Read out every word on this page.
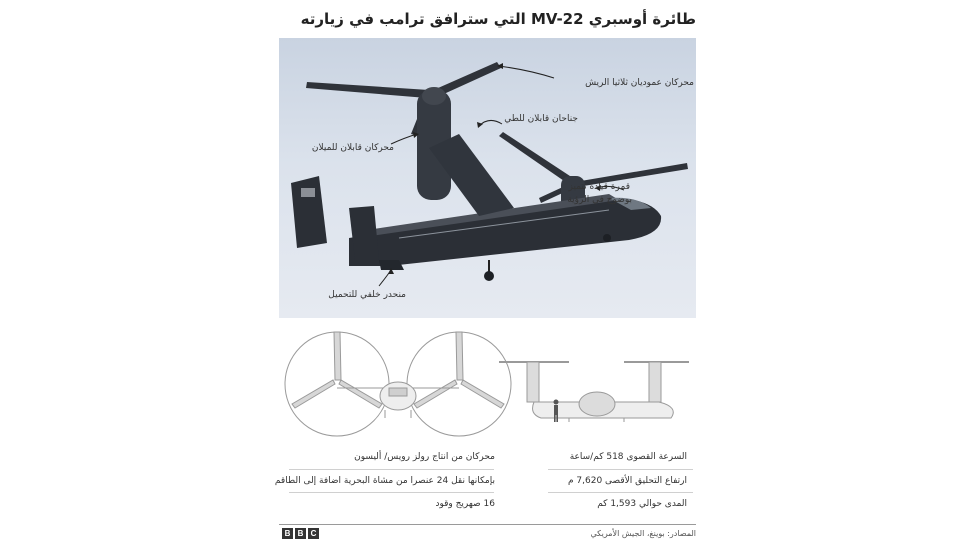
طائرة أوسبري MV-22 التي سترافق ترامب في زيارته
محركان عموديان ثلاثيا الريش
جناحان قابلان للطي
محركان قابلان للميلان
قمرة قيادة تتميز
بوضوح في الرؤية
منحدر خلفي للتحميل
محركان من انتاج رولز رويس/ أليسون
بإمكانها نقل 24 عنصرا من مشاة البحرية اضافة إلى الطاقم
16 صهريج وقود
السرعة القصوى 518 كم/ساعة
ارتفاع التحليق الأقصى 7,620 م
المدى حوالي 1,593 كم
B B C	المصادر: بوينغ، الجيش الأمريكي
